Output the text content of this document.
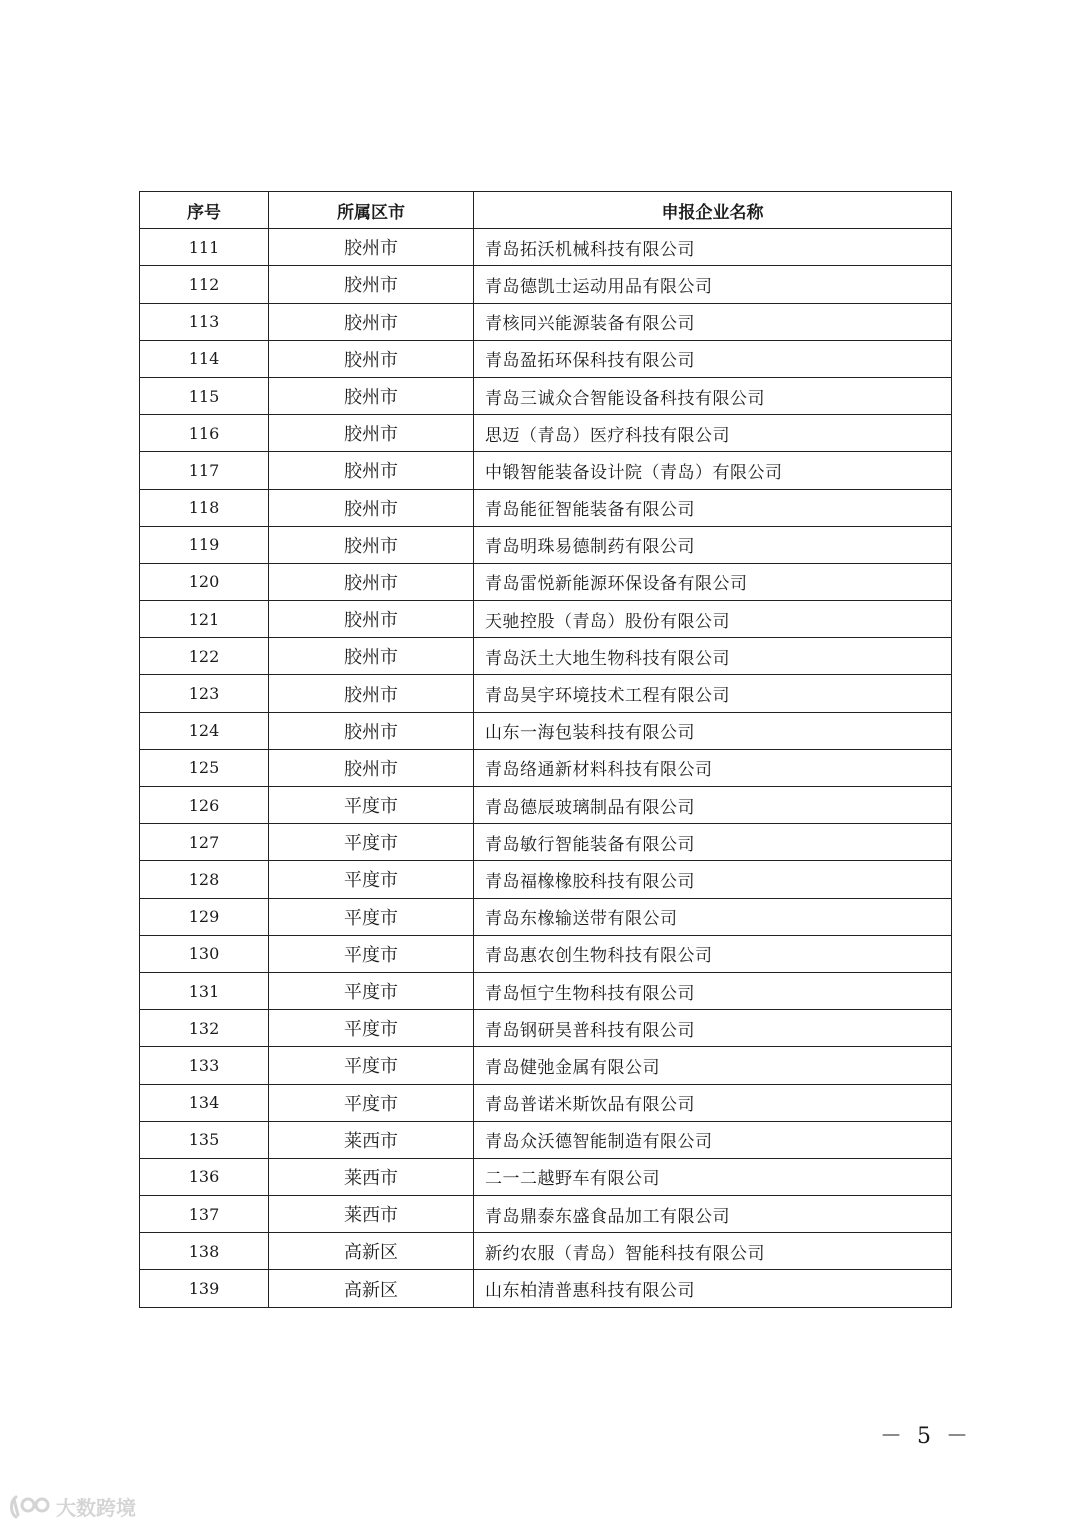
序号	所属区市	申报企业名称
111	胶州市	青岛拓沃机械科技有限公司
112	胶州市	青岛德凯士运动用品有限公司
113	胶州市	青核同兴能源装备有限公司
114	胶州市	青岛盈拓环保科技有限公司
115	胶州市	青岛三诚众合智能设备科技有限公司
116	胶州市	思迈（青岛）医疗科技有限公司
117	胶州市	中锻智能装备设计院（青岛）有限公司
118	胶州市	青岛能征智能装备有限公司
119	胶州市	青岛明珠易德制药有限公司
120	胶州市	青岛雷悦新能源环保设备有限公司
121	胶州市	天驰控股（青岛）股份有限公司
122	胶州市	青岛沃土大地生物科技有限公司
123	胶州市	青岛昊宇环境技术工程有限公司
124	胶州市	山东一海包装科技有限公司
125	胶州市	青岛络通新材料科技有限公司
126	平度市	青岛德辰玻璃制品有限公司
127	平度市	青岛敏行智能装备有限公司
128	平度市	青岛福橡橡胶科技有限公司
129	平度市	青岛东橡输送带有限公司
130	平度市	青岛惠农创生物科技有限公司
131	平度市	青岛恒宁生物科技有限公司
132	平度市	青岛钢研昊普科技有限公司
133	平度市	青岛健弛金属有限公司
134	平度市	青岛普诺米斯饮品有限公司
135	莱西市	青岛众沃德智能制造有限公司
136	莱西市	二一二越野车有限公司
137	莱西市	青岛鼎泰东盛食品加工有限公司
138	高新区	新约农服（青岛）智能科技有限公司
139	高新区	山东柏清普惠科技有限公司
－ 5 －
大数跨境
